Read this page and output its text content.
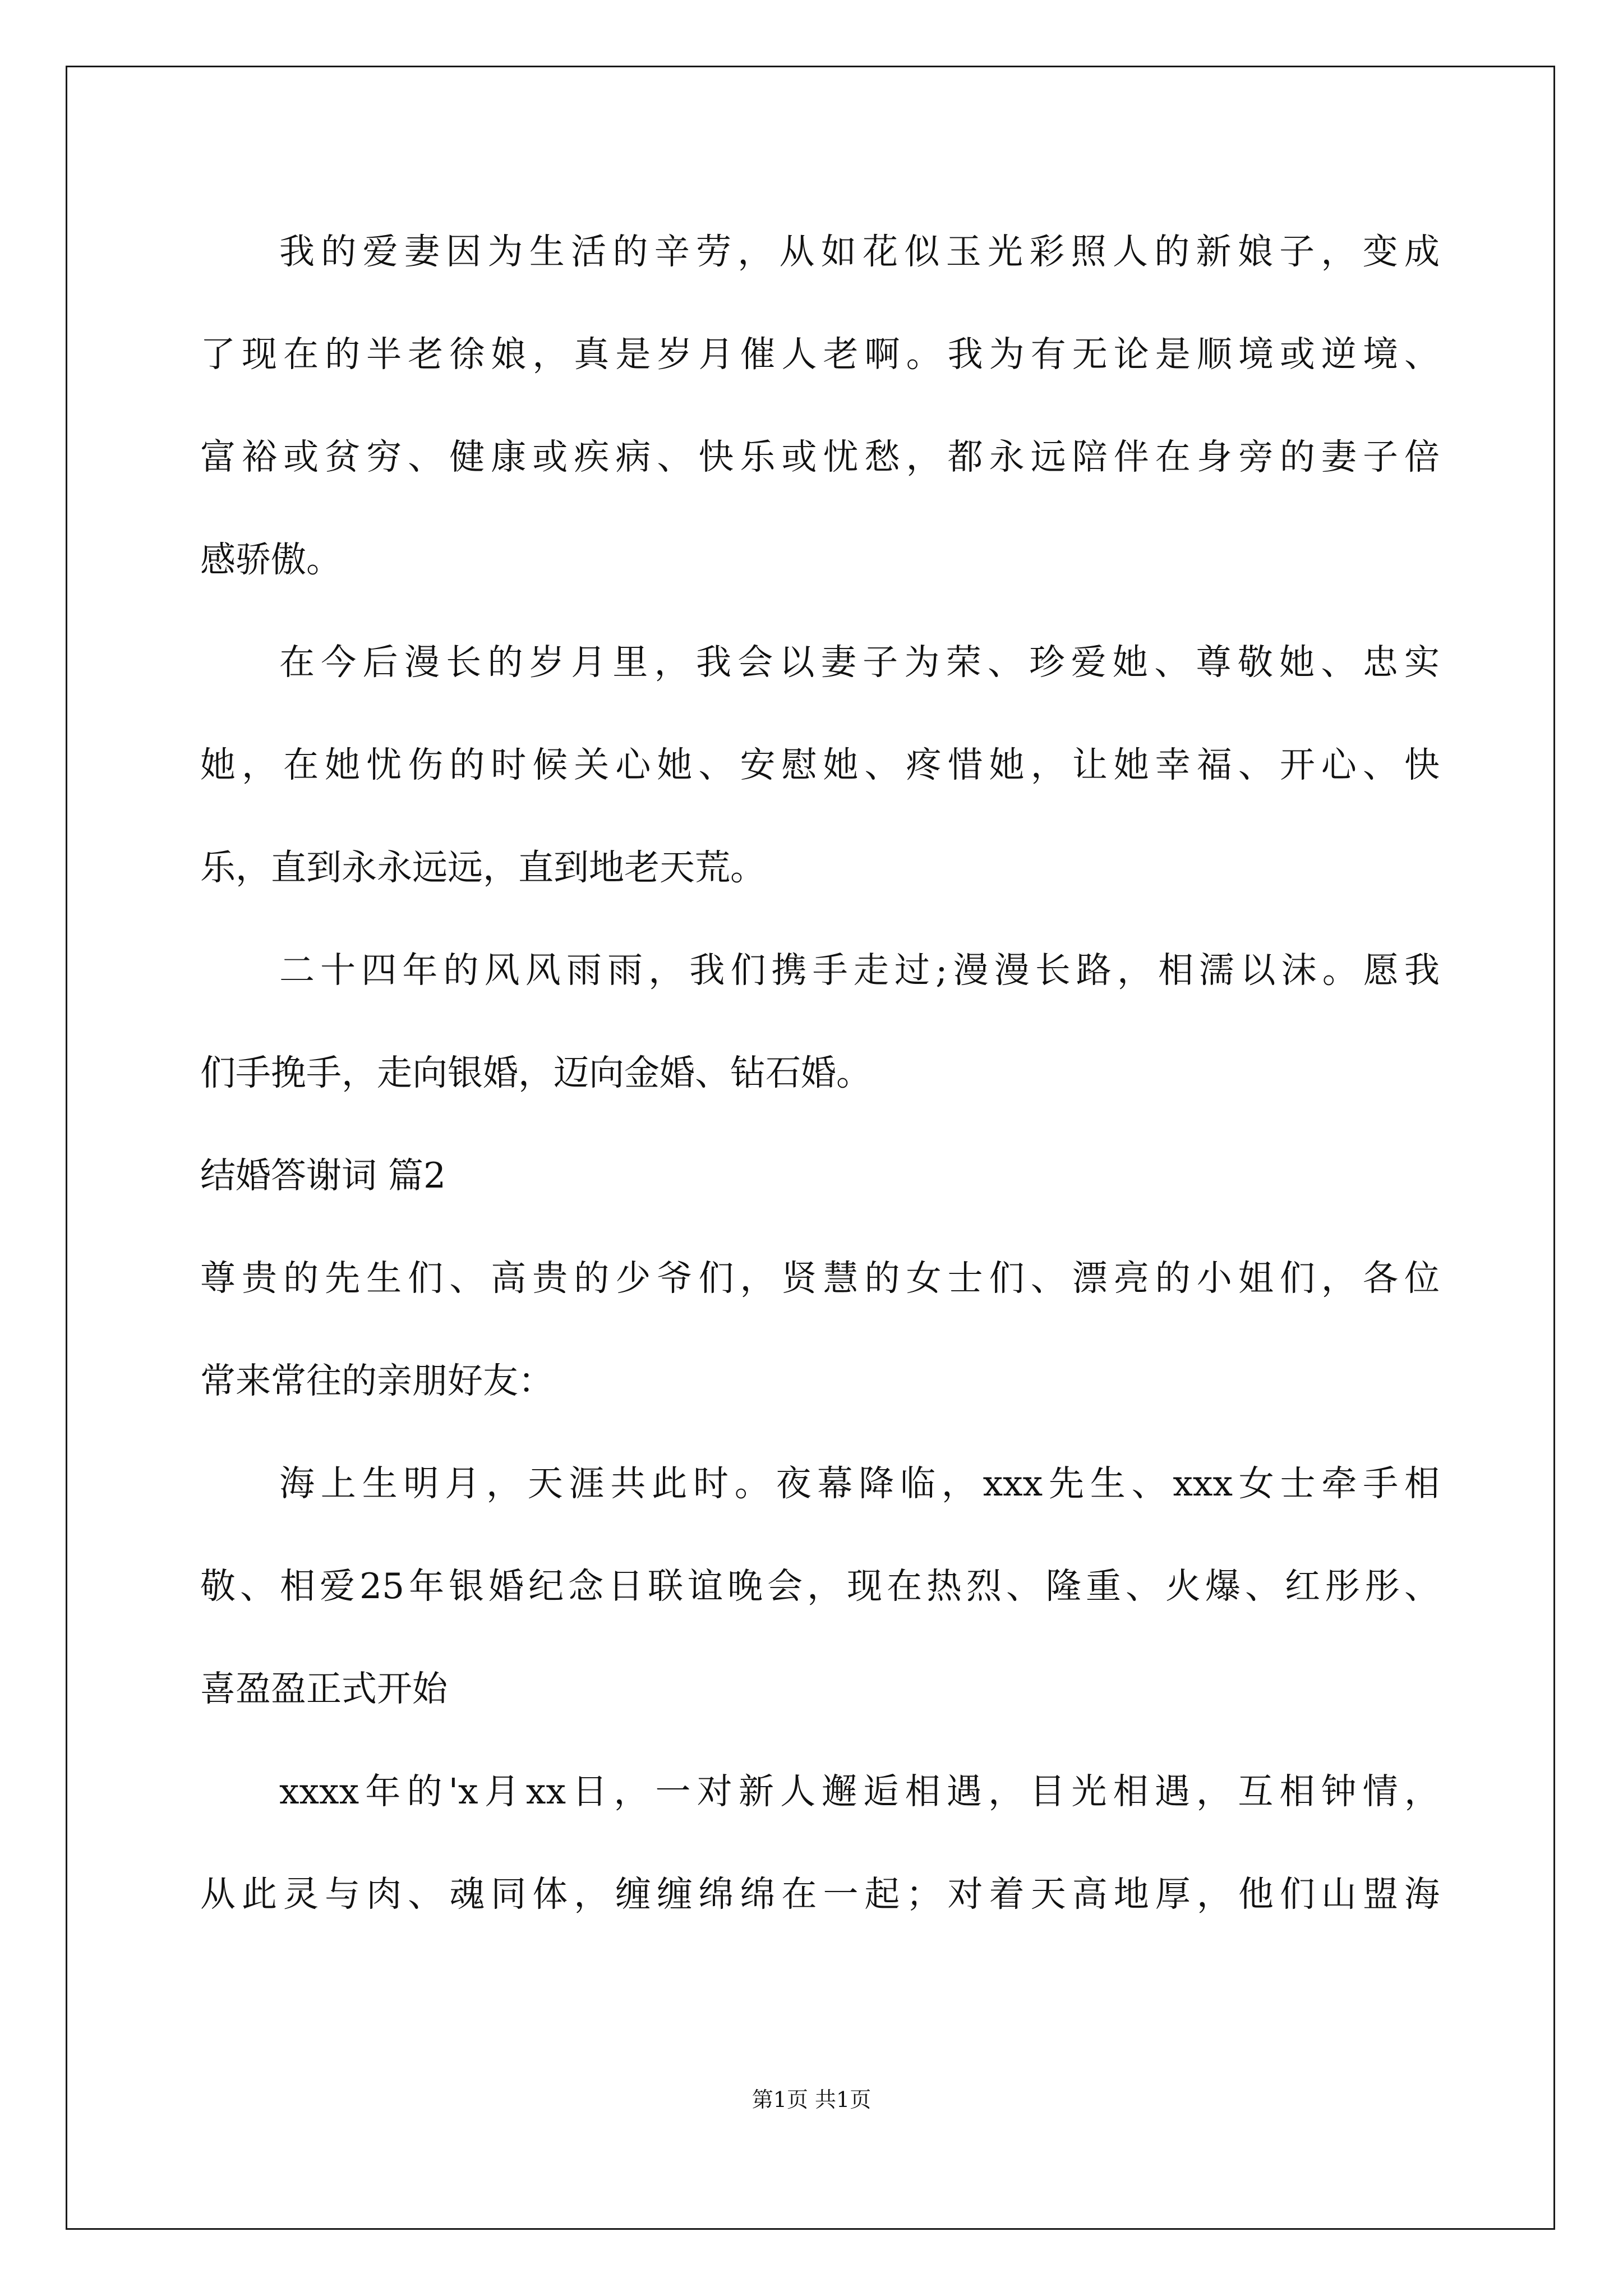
我的爱妻因为生活的辛劳，从如花似玉光彩照人的新娘子，变成
了现在的半老徐娘，真是岁月催人老啊。我为有无论是顺境或逆境、
富裕或贫穷、健康或疾病、快乐或忧愁，都永远陪伴在身旁的妻子倍
感骄傲。
在今后漫长的岁月里，我会以妻子为荣、珍爱她、尊敬她、忠实
她，在她忧伤的时候关心她、安慰她、疼惜她，让她幸福、开心、快
乐，直到永永远远，直到地老天荒。
二十四年的风风雨雨，我们携手走过;漫漫长路，相濡以沫。愿我
们手挽手，走向银婚，迈向金婚、钻石婚。
结婚答谢词 篇2
尊贵的先生们、高贵的少爷们，贤慧的女士们、漂亮的小姐们，各位
常来常往的亲朋好友：
海上生明月，天涯共此时。夜幕降临，xxx先生、xxx女士牵手相
敬、相爱25年银婚纪念日联谊晚会，现在热烈、隆重、火爆、红彤彤、
喜盈盈正式开始
xxxx年的'x月xx日，一对新人邂逅相遇，目光相遇，互相钟情，
从此灵与肉、魂同体，缠缠绵绵在一起；对着天高地厚，他们山盟海
第1页 共1页
